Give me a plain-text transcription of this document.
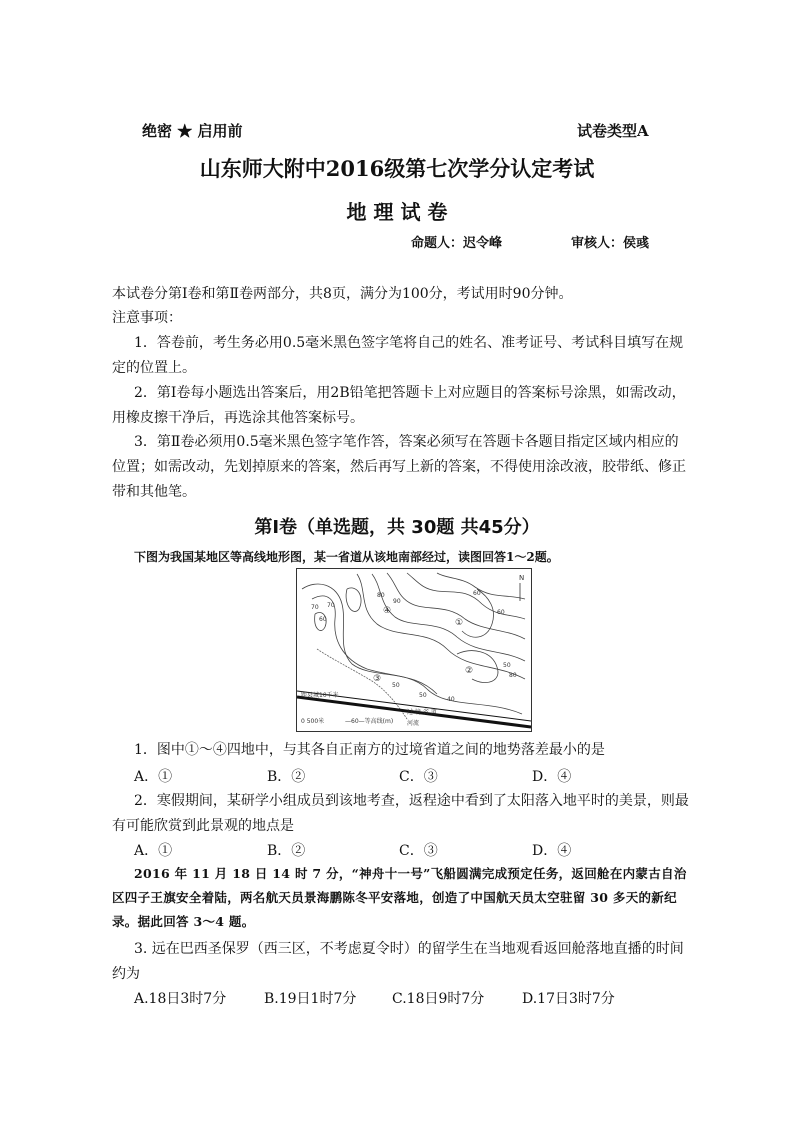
绝密 ★ 启用前	试卷类型A
山东师大附中2016级第七次学分认定考试
地 理 试 卷
命题人：迟令峰	审核人：侯彧
本试卷分第Ⅰ卷和第Ⅱ卷两部分，共8页，满分为100分，考试用时90分钟。
注意事项：
1．答卷前，考生务必用0.5毫米黑色签字笔将自己的姓名、准考证号、考试科目填写在规定的位置上。
2．第Ⅰ卷每小题选出答案后，用2B铅笔把答题卡上对应题目的答案标号涂黑，如需改动，用橡皮擦干净后，再选涂其他答案标号。
3．第Ⅱ卷必须用0.5毫米黑色签字笔作答，答案必须写在答题卡各题目指定区域内相应的位置；如需改动，先划掉原来的答案，然后再写上新的答案，不得使用涂改液，胶带纸、修正带和其他笔。
第Ⅰ卷（单选题，共 30题 共45分）
下图为我国某地区等高线地形图，某一省道从该地南部经过，读图回答1～2题。
70
60
70
80
90
60
60
50
80
50
40
50
①
②
③
④
N
距县城10千米
过 境 省 道
0 500米	—60—等高线(m) 河流
1．图中①～④四地中，与其各自正南方的过境省道之间的地势落差最小的是
A．①	B．②	C．③	D．④
2．寒假期间，某研学小组成员到该地考查，返程途中看到了太阳落入地平时的美景，则最有可能欣赏到此景观的地点是
A．①	B．②	C．③	D．④
2016 年 11 月 18 日 14 时 7 分，“神舟十一号”飞船圆满完成预定任务，返回舱在内蒙古自治区四子王旗安全着陆，两名航天员景海鹏陈冬平安落地，创造了中国航天员太空驻留 30 多天的新纪录。据此回答 3～4 题。
3. 远在巴西圣保罗（西三区，不考虑夏令时）的留学生在当地观看返回舱落地直播的时间约为
A.18日3时7分	B.19日1时7分	C.18日9时7分	D.17日3时7分
